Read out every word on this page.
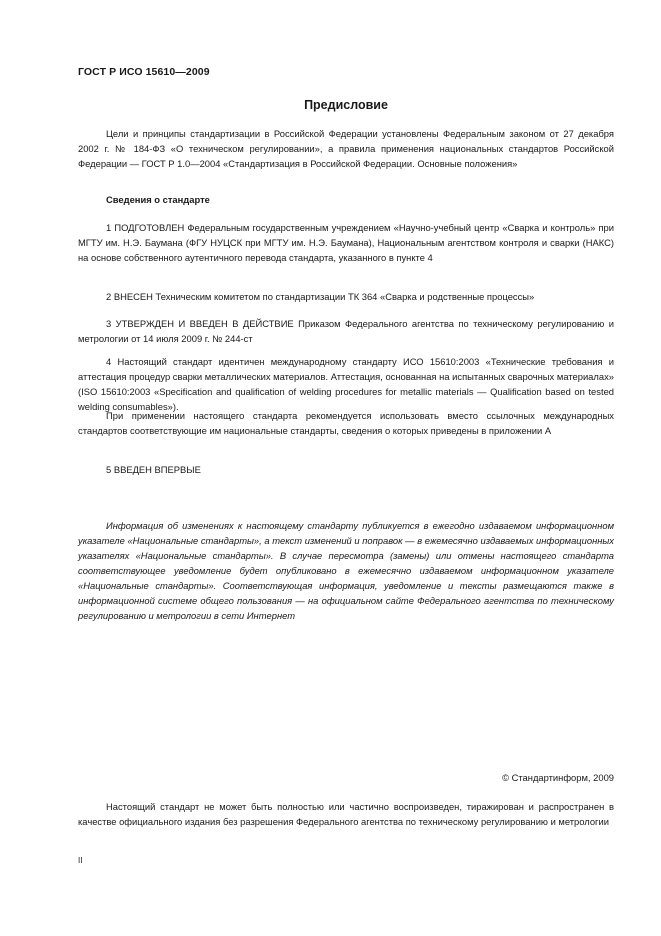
ГОСТ Р ИСО 15610—2009
Предисловие
Цели и принципы стандартизации в Российской Федерации установлены Федеральным законом от 27 декабря 2002 г. № 184-ФЗ «О техническом регулировании», а правила применения национальных стандартов Российской Федерации — ГОСТ Р 1.0—2004 «Стандартизация в Российской Федерации. Основные положения»
Сведения о стандарте
1 ПОДГОТОВЛЕН Федеральным государственным учреждением «Научно-учебный центр «Сварка и контроль» при МГТУ им. Н.Э. Баумана (ФГУ НУЦСК при МГТУ им. Н.Э. Баумана), Национальным агентством контроля и сварки (НАКС) на основе собственного аутентичного перевода стандарта, указанного в пункте 4
2 ВНЕСЕН Техническим комитетом по стандартизации ТК 364 «Сварка и родственные процессы»
3 УТВЕРЖДЕН И ВВЕДЕН В ДЕЙСТВИЕ Приказом Федерального агентства по техническому регулированию и метрологии от 14 июля 2009 г. № 244-ст
4 Настоящий стандарт идентичен международному стандарту ИСО 15610:2003 «Технические требования и аттестация процедур сварки металлических материалов. Аттестация, основанная на испытанных сварочных материалах» (ISO 15610:2003 «Specification and qualification of welding procedures for metallic materials — Qualification based on tested welding consumables»).
При применении настоящего стандарта рекомендуется использовать вместо ссылочных международных стандартов соответствующие им национальные стандарты, сведения о которых приведены в приложении А
5 ВВЕДЕН ВПЕРВЫЕ
Информация об изменениях к настоящему стандарту публикуется в ежегодно издаваемом информационном указателе «Национальные стандарты», а текст изменений и поправок — в ежемесячно издаваемых информационных указателях «Национальные стандарты». В случае пересмотра (замены) или отмены настоящего стандарта соответствующее уведомление будет опубликовано в ежемесячно издаваемом информационном указателе «Национальные стандарты». Соответствующая информация, уведомление и тексты размещаются также в информационной системе общего пользования — на официальном сайте Федерального агентства по техническому регулированию и метрологии в сети Интернет
© Стандартинформ, 2009
Настоящий стандарт не может быть полностью или частично воспроизведен, тиражирован и распространен в качестве официального издания без разрешения Федерального агентства по техническому регулированию и метрологии
II
